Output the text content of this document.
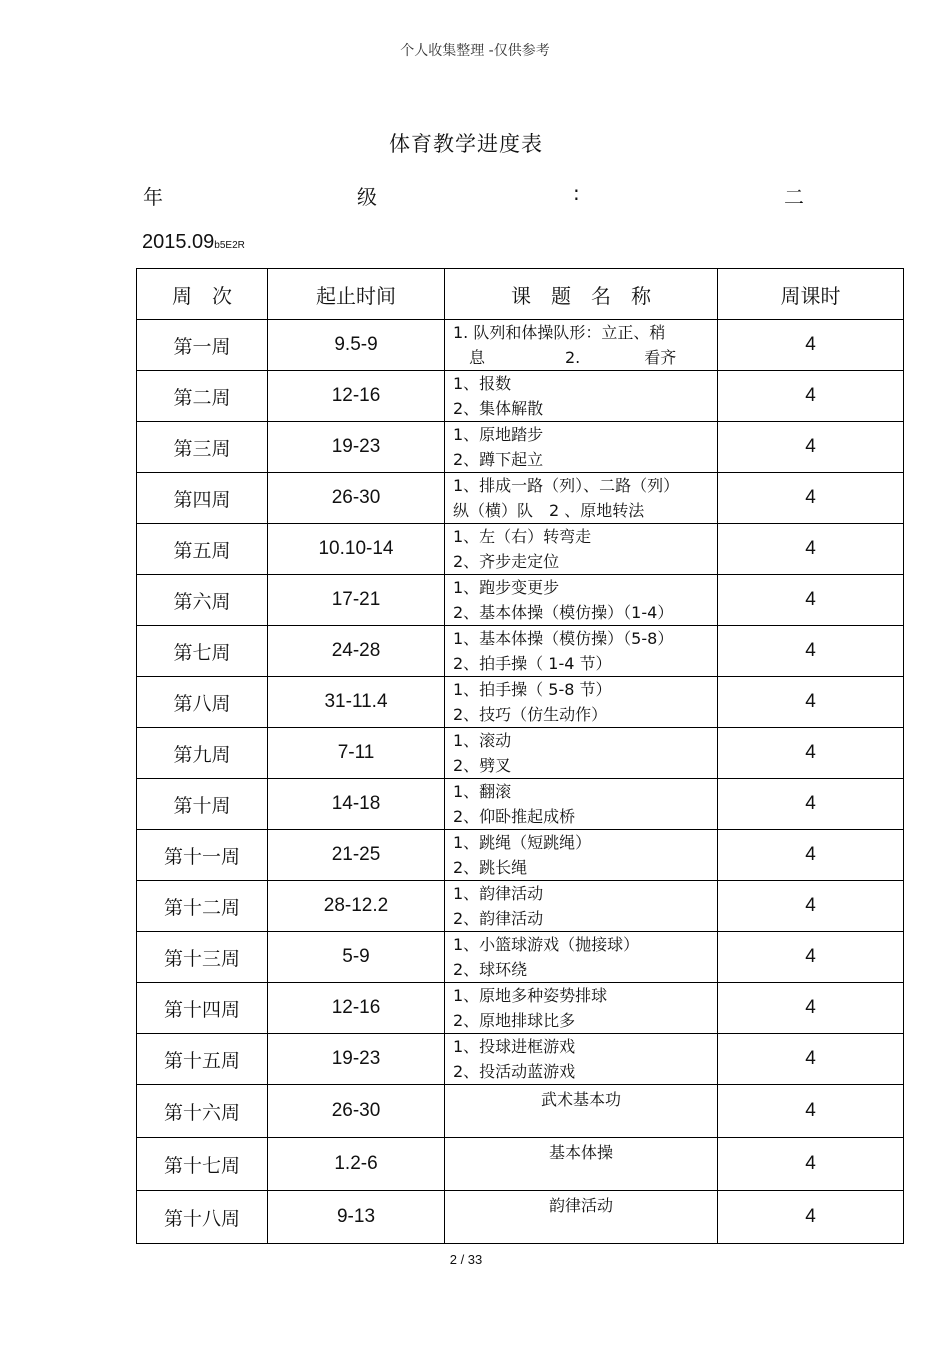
个人收集整理 -仅供参考
体育教学进度表
年	级	:	二
2015.09b5E2R
周　次	起止时间	课　题　名　称	周课时
第一周	9.5-9	1. 队列和体操队形：立正、稍
　息　　　　　2.　　　　看齐	4
第二周	12-16	1、报数
2、集体解散	4
第三周	19-23	1、原地踏步
2、蹲下起立	4
第四周	26-30	1、排成一路（列）、二路（列）
纵（横）队　2 、原地转法	4
第五周	10.10-14	1、左（右）转弯走
2、齐步走定位	4
第六周	17-21	1、跑步变更步
2、基本体操（模仿操）（1-4）	4
第七周	24-28	1、基本体操（模仿操）（5-8）
2、拍手操（ 1-4 节）	4
第八周	31-11.4	1、拍手操（ 5-8 节）
2、技巧（仿生动作）	4
第九周	7-11	1、滚动
2、劈叉	4
第十周	14-18	1、翻滚
2、仰卧推起成桥	4
第十一周	21-25	1、跳绳（短跳绳）
2、跳长绳	4
第十二周	28-12.2	1、韵律活动
2、韵律活动	4
第十三周	5-9	1、小篮球游戏（抛接球）
2、球环绕	4
第十四周	12-16	1、原地多种姿势排球
2、原地排球比多	4
第十五周	19-23	1、投球进框游戏
2、投活动蓝游戏	4
第十六周	26-30	武术基本功	4
第十七周	1.2-6	基本体操	4
第十八周	9-13	韵律活动	4
2 / 33
